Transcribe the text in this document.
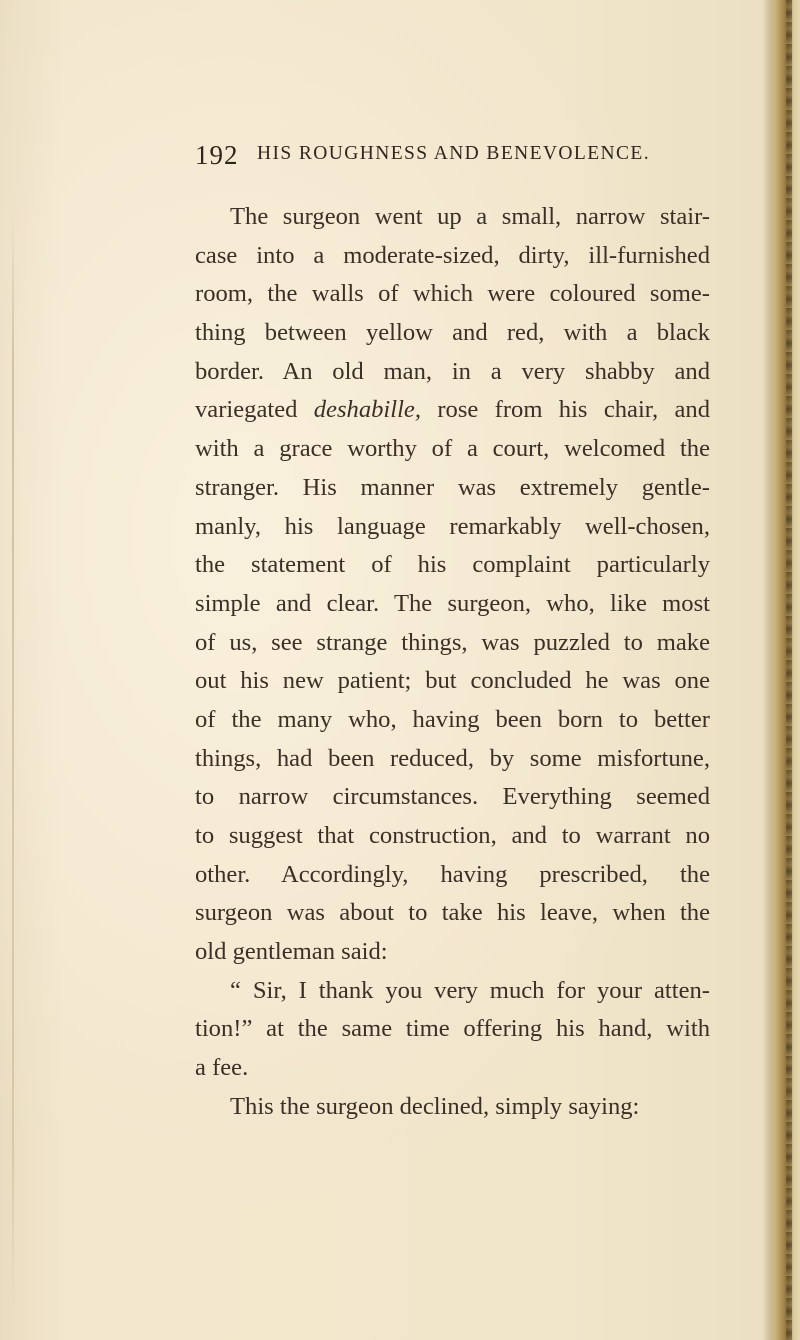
192 HIS ROUGHNESS AND BENEVOLENCE.
The surgeon went up a small, narrow stair-
case into a moderate-sized, dirty, ill-furnished
room, the walls of which were coloured some-
thing between yellow and red, with a black
border. An old man, in a very shabby and
variegated deshabille, rose from his chair, and
with a grace worthy of a court, welcomed the
stranger. His manner was extremely gentle-
manly, his language remarkably well-chosen,
the statement of his complaint particularly
simple and clear. The surgeon, who, like most
of us, see strange things, was puzzled to make
out his new patient; but concluded he was one
of the many who, having been born to better
things, had been reduced, by some misfortune,
to narrow circumstances. Everything seemed
to suggest that construction, and to warrant no
other. Accordingly, having prescribed, the
surgeon was about to take his leave, when the
old gentleman said:
“ Sir, I thank you very much for your atten-
tion!” at the same time offering his hand, with
a fee.
This the surgeon declined, simply saying:
